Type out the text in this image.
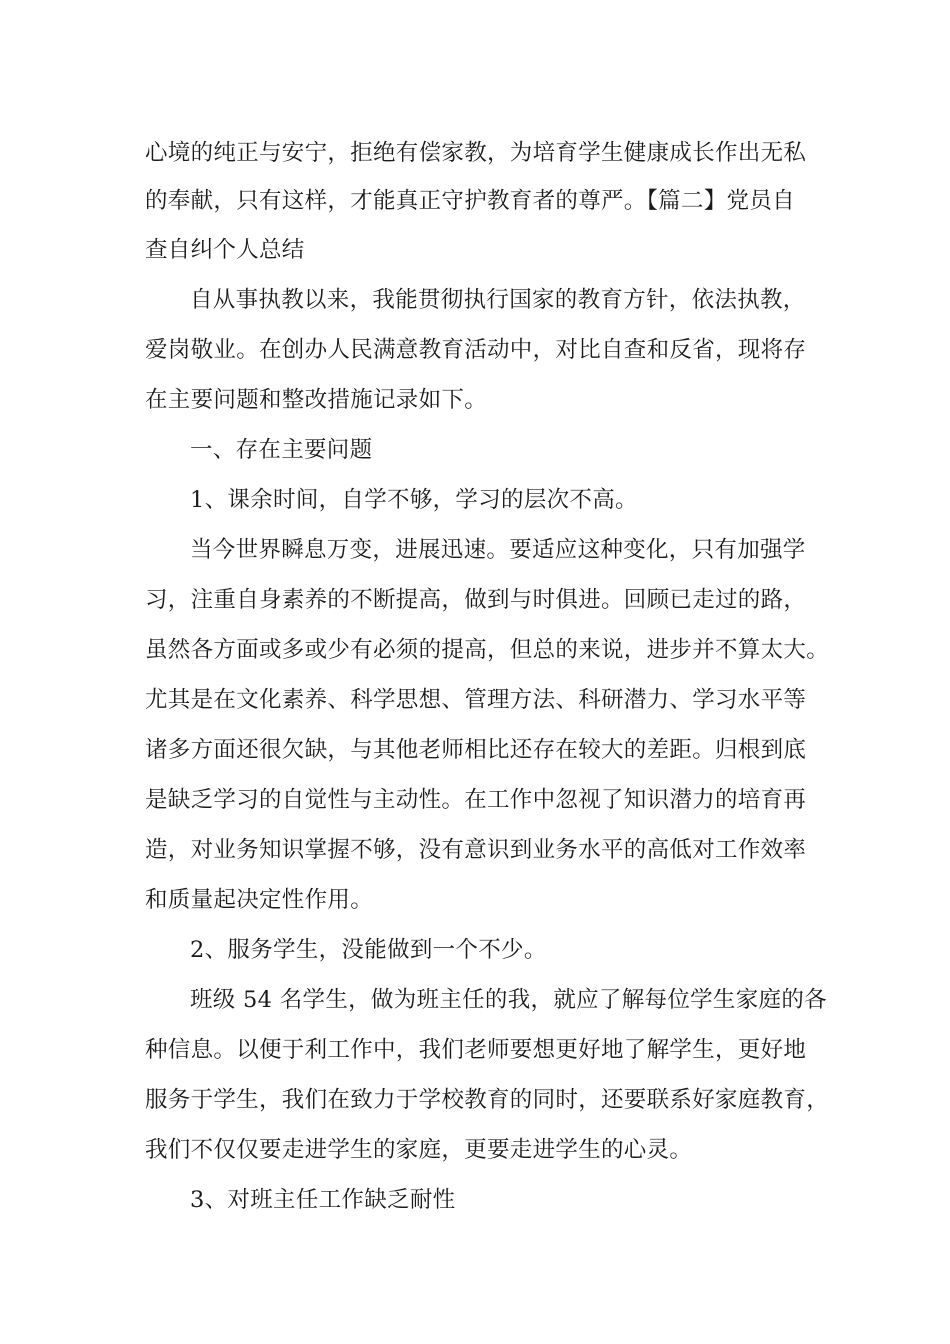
心境的纯正与安宁，拒绝有偿家教，为培育学生健康成长作出无私
的奉献，只有这样，才能真正守护教育者的尊严。【篇二】党员自
查自纠个人总结
自从事执教以来，我能贯彻执行国家的教育方针，依法执教，
爱岗敬业。在创办人民满意教育活动中，对比自查和反省，现将存
在主要问题和整改措施记录如下。
一、存在主要问题
1、课余时间，自学不够，学习的层次不高。
当今世界瞬息万变，进展迅速。要适应这种变化，只有加强学
习，注重自身素养的不断提高，做到与时俱进。回顾已走过的路，
虽然各方面或多或少有必须的提高，但总的来说，进步并不算太大。
尤其是在文化素养、科学思想、管理方法、科研潜力、学习水平等
诸多方面还很欠缺，与其他老师相比还存在较大的差距。归根到底
是缺乏学习的自觉性与主动性。在工作中忽视了知识潜力的培育再
造，对业务知识掌握不够，没有意识到业务水平的高低对工作效率
和质量起决定性作用。
2、服务学生，没能做到一个不少。
班级 54 名学生，做为班主任的我，就应了解每位学生家庭的各
种信息。以便于利工作中，我们老师要想更好地了解学生，更好地
服务于学生，我们在致力于学校教育的同时，还要联系好家庭教育，
我们不仅仅要走进学生的家庭，更要走进学生的心灵。
3、对班主任工作缺乏耐性
